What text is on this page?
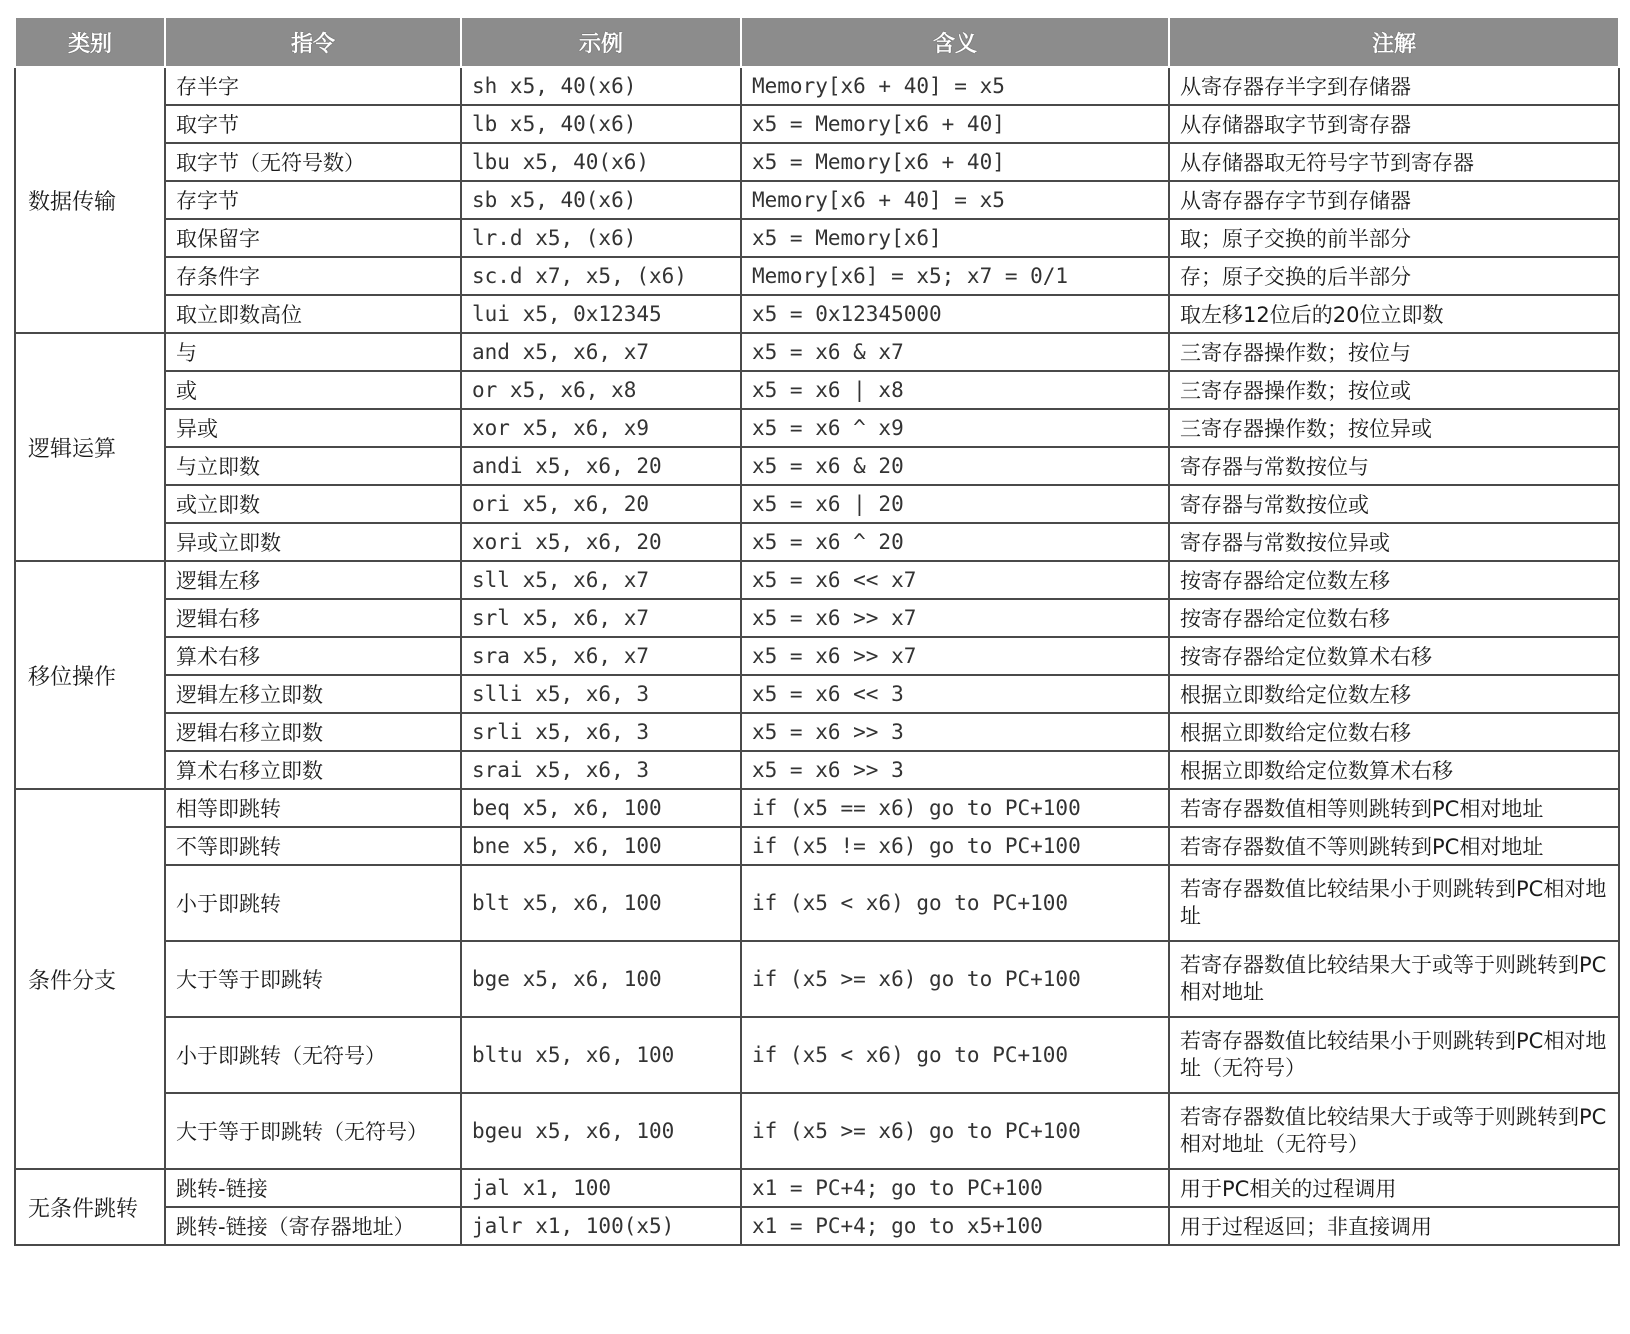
类别	指令	示例	含义	注解
数据传输	存半字	sh x5, 40(x6)	Memory[x6 + 40] = x5	从寄存器存半字到存储器
	取字节	lb x5, 40(x6)	x5 = Memory[x6 + 40]	从存储器取字节到寄存器
	取字节（无符号数）	lbu x5, 40(x6)	x5 = Memory[x6 + 40]	从存储器取无符号字节到寄存器
	存字节	sb x5, 40(x6)	Memory[x6 + 40] = x5	从寄存器存字节到存储器
	取保留字	lr.d x5, (x6)	x5 = Memory[x6]	取；原子交换的前半部分
	存条件字	sc.d x7, x5, (x6)	Memory[x6] = x5; x7 = 0/1	存；原子交换的后半部分
	取立即数高位	lui x5, 0x12345	x5 = 0x12345000	取左移12位后的20位立即数
逻辑运算	与	and x5, x6, x7	x5 = x6 & x7	三寄存器操作数；按位与
	或	or x5, x6, x8	x5 = x6 | x8	三寄存器操作数；按位或
	异或	xor x5, x6, x9	x5 = x6 ^ x9	三寄存器操作数；按位异或
	与立即数	andi x5, x6, 20	x5 = x6 & 20	寄存器与常数按位与
	或立即数	ori x5, x6, 20	x5 = x6 | 20	寄存器与常数按位或
	异或立即数	xori x5, x6, 20	x5 = x6 ^ 20	寄存器与常数按位异或
移位操作	逻辑左移	sll x5, x6, x7	x5 = x6 << x7	按寄存器给定位数左移
	逻辑右移	srl x5, x6, x7	x5 = x6 >> x7	按寄存器给定位数右移
	算术右移	sra x5, x6, x7	x5 = x6 >> x7	按寄存器给定位数算术右移
	逻辑左移立即数	slli x5, x6, 3	x5 = x6 << 3	根据立即数给定位数左移
	逻辑右移立即数	srli x5, x6, 3	x5 = x6 >> 3	根据立即数给定位数右移
	算术右移立即数	srai x5, x6, 3	x5 = x6 >> 3	根据立即数给定位数算术右移
条件分支	相等即跳转	beq x5, x6, 100	if (x5 == x6) go to PC+100	若寄存器数值相等则跳转到PC相对地址
	不等即跳转	bne x5, x6, 100	if (x5 != x6) go to PC+100	若寄存器数值不等则跳转到PC相对地址
	小于即跳转	blt x5, x6, 100	if (x5 < x6) go to PC+100	若寄存器数值比较结果小于则跳转到PC相对地址
	大于等于即跳转	bge x5, x6, 100	if (x5 >= x6) go to PC+100	若寄存器数值比较结果大于或等于则跳转到PC相对地址
	小于即跳转（无符号）	bltu x5, x6, 100	if (x5 < x6) go to PC+100	若寄存器数值比较结果小于则跳转到PC相对地址（无符号）
	大于等于即跳转（无符号）	bgeu x5, x6, 100	if (x5 >= x6) go to PC+100	若寄存器数值比较结果大于或等于则跳转到PC相对地址（无符号）
无条件跳转	跳转-链接	jal x1, 100	x1 = PC+4; go to PC+100	用于PC相关的过程调用
	跳转-链接（寄存器地址）	jalr x1, 100(x5)	x1 = PC+4; go to x5+100	用于过程返回；非直接调用
